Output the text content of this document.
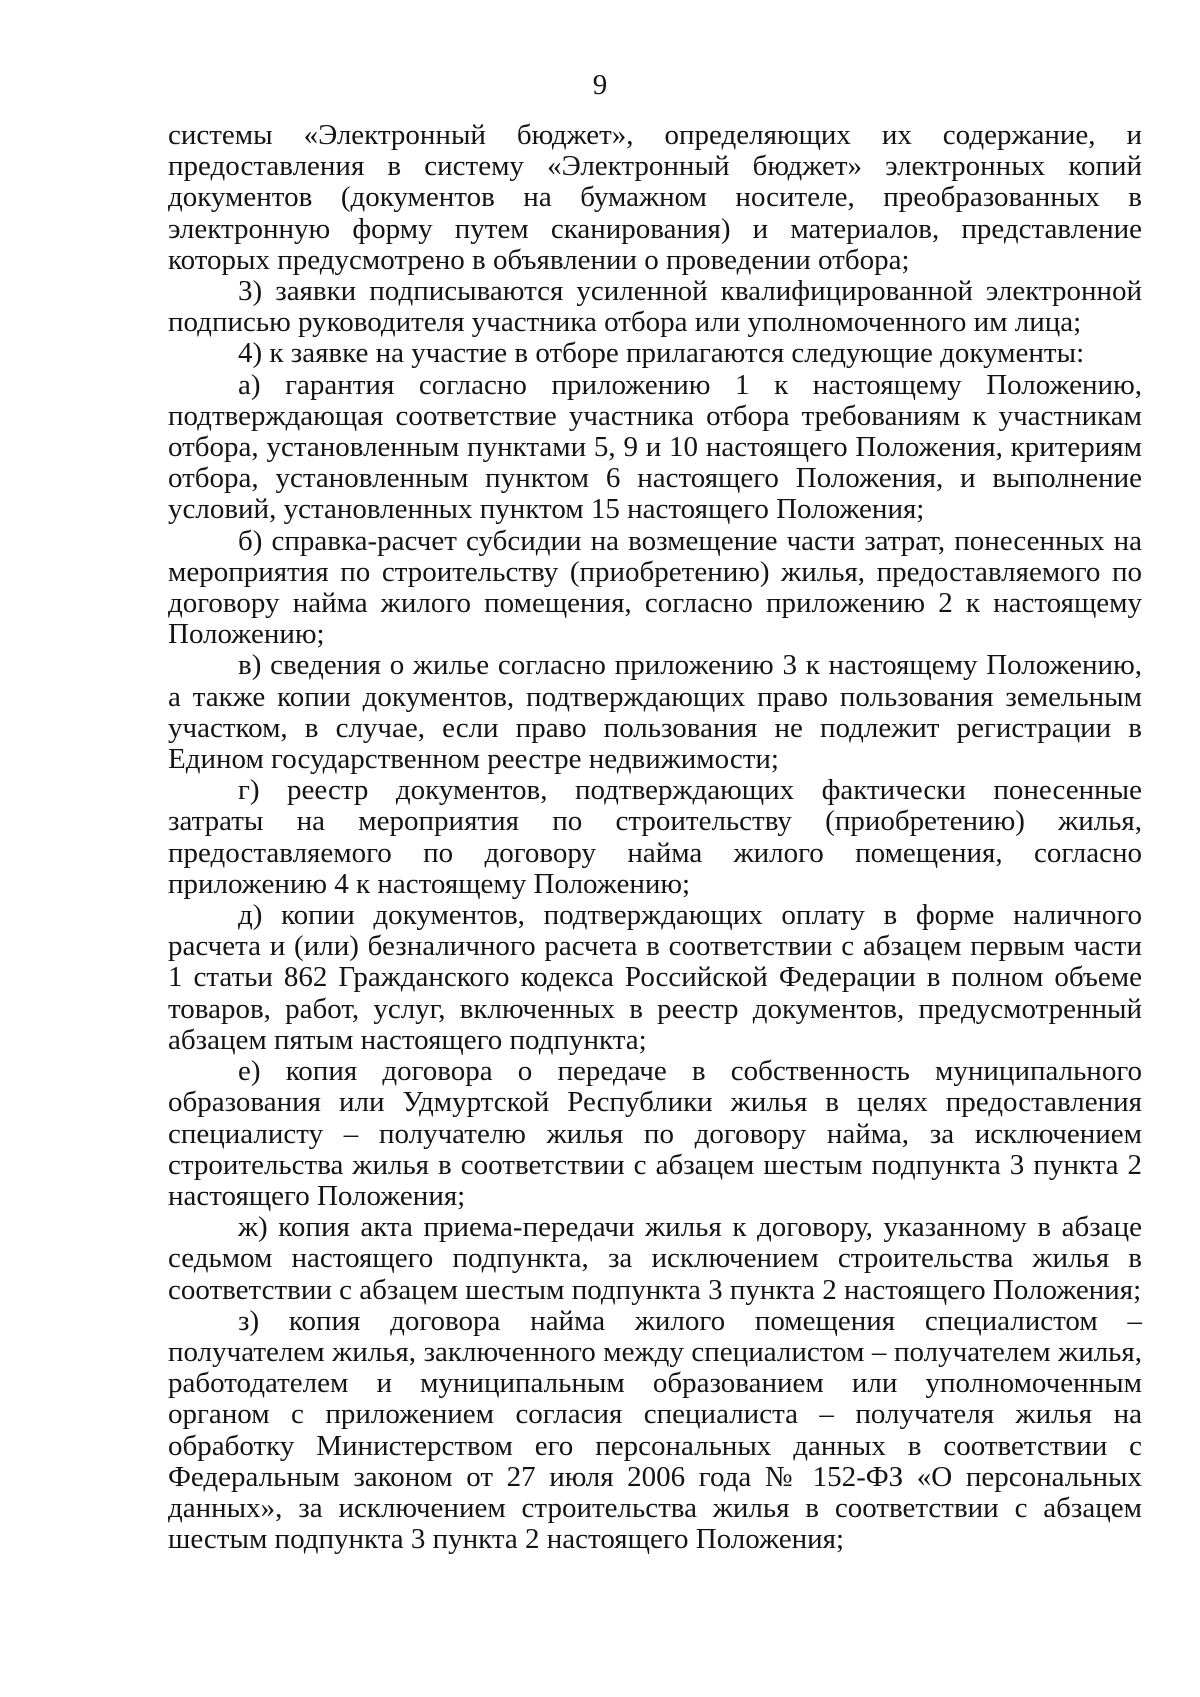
9

системы «Электронный бюджет», определяющих их содержание, и предоставления в систему «Электронный бюджет» электронных копий документов (документов на бумажном носителе, преобразованных в электронную форму путем сканирования) и материалов, представление которых предусмотрено в объявлении о проведении отбора;

3) заявки подписываются усиленной квалифицированной электронной подписью руководителя участника отбора или уполномоченного им лица;

4) к заявке на участие в отборе прилагаются следующие документы:

а) гарантия согласно приложению 1 к настоящему Положению, подтверждающая соответствие участника отбора требованиям к участникам отбора, установленным пунктами 5, 9 и 10 настоящего Положения, критериям отбора, установленным пунктом 6 настоящего Положения, и выполнение условий, установленных пунктом 15 настоящего Положения;

б) справка-расчет субсидии на возмещение части затрат, понесенных на мероприятия по строительству (приобретению) жилья, предоставляемого по договору найма жилого помещения, согласно приложению 2 к настоящему Положению;

в) сведения о жилье согласно приложению 3 к настоящему Положению, а также копии документов, подтверждающих право пользования земельным участком, в случае, если право пользования не подлежит регистрации в Едином государственном реестре недвижимости;

г) реестр документов, подтверждающих фактически понесенные затраты на мероприятия по строительству (приобретению) жилья, предоставляемого по договору найма жилого помещения, согласно приложению 4 к настоящему Положению;

д) копии документов, подтверждающих оплату в форме наличного расчета и (или) безналичного расчета в соответствии с абзацем первым части 1 статьи 862 Гражданского кодекса Российской Федерации в полном объеме товаров, работ, услуг, включенных в реестр документов, предусмотренный абзацем пятым настоящего подпункта;

е) копия договора о передаче в собственность муниципального образования или Удмуртской Республики жилья в целях предоставления специалисту – получателю жилья по договору найма, за исключением строительства жилья в соответствии с абзацем шестым подпункта 3 пункта 2 настоящего Положения;

ж) копия акта приема-передачи жилья к договору, указанному в абзаце седьмом настоящего подпункта, за исключением строительства жилья в соответствии с абзацем шестым подпункта 3 пункта 2 настоящего Положения;

з) копия договора найма жилого помещения специалистом – получателем жилья, заключенного между специалистом – получателем жилья, работодателем и муниципальным образованием или уполномоченным органом с приложением согласия специалиста – получателя жилья на обработку Министерством его персональных данных в соответствии с Федеральным законом от 27 июля 2006 года № 152-ФЗ «О персональных данных», за исключением строительства жилья в соответствии с абзацем шестым подпункта 3 пункта 2 настоящего Положения;
